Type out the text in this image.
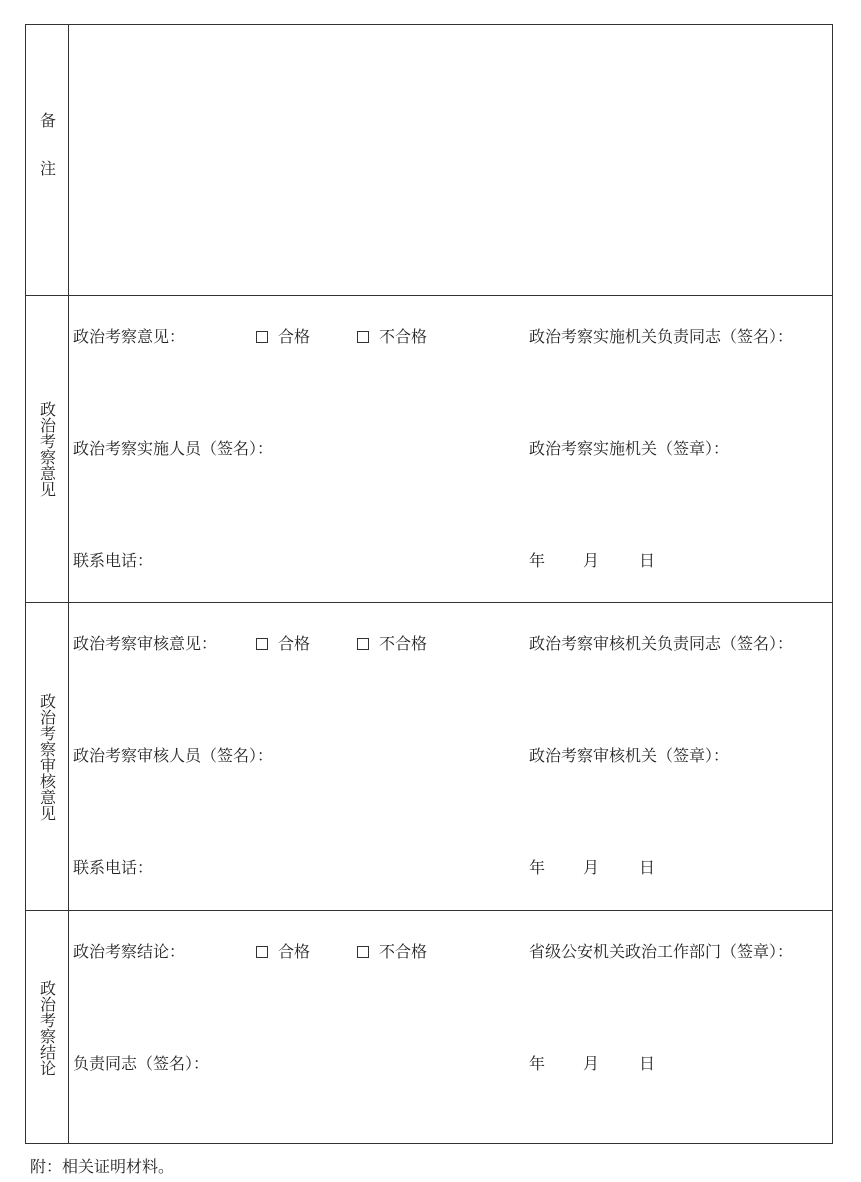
备注
政治考察意见
政治考察意见：	合格	不合格	政治考察实施机关负责同志（签名）：
政治考察实施人员（签名）：	政治考察实施机关（签章）：
联系电话：	年 月 日
政治考察审核意见
政治考察审核意见：	合格	不合格	政治考察审核机关负责同志（签名）：
政治考察审核人员（签名）：	政治考察审核机关（签章）：
联系电话：	年 月 日
政治考察结论
政治考察结论：	合格	不合格	省级公安机关政治工作部门（签章）：
负责同志（签名）：	年 月 日
附：相关证明材料。
